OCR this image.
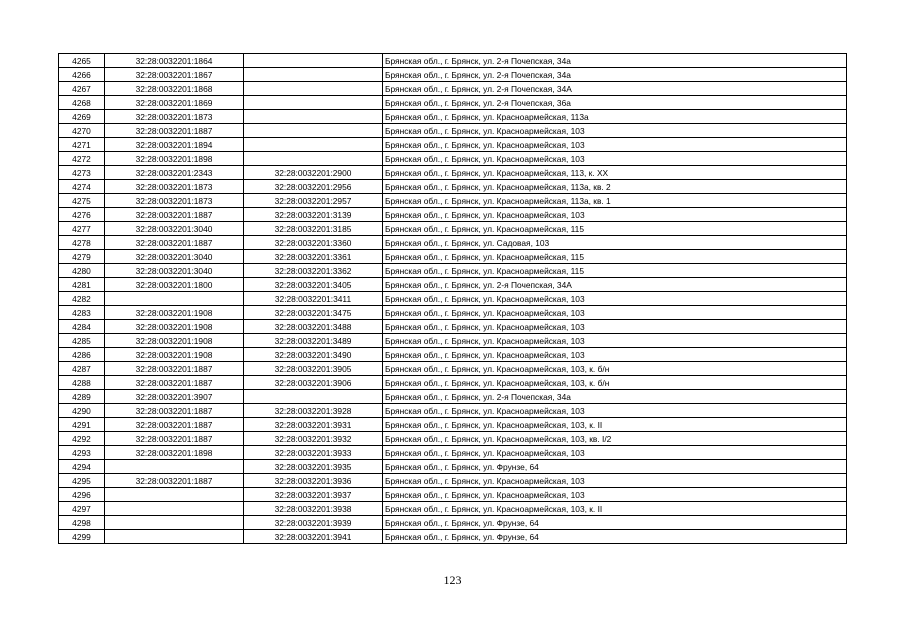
4265	32:28:0032201:1864		Брянская обл., г. Брянск, ул. 2-я Почепская, 34а
4266	32:28:0032201:1867		Брянская обл., г. Брянск, ул. 2-я Почепская, 34а
4267	32:28:0032201:1868		Брянская обл., г. Брянск, ул. 2-я Почепская, 34А
4268	32:28:0032201:1869		Брянская обл., г. Брянск, ул. 2-я Почепская, 36а
4269	32:28:0032201:1873		Брянская обл., г. Брянск, ул. Красноармейская, 113а
4270	32:28:0032201:1887		Брянская обл., г. Брянск, ул. Красноармейская, 103
4271	32:28:0032201:1894		Брянская обл., г. Брянск, ул. Красноармейская, 103
4272	32:28:0032201:1898		Брянская обл., г. Брянск, ул. Красноармейская, 103
4273	32:28:0032201:2343	32:28:0032201:2900	Брянская обл., г. Брянск, ул. Красноармейская, 113, к. XX
4274	32:28:0032201:1873	32:28:0032201:2956	Брянская обл., г. Брянск, ул. Красноармейская, 113а, кв. 2
4275	32:28:0032201:1873	32:28:0032201:2957	Брянская обл., г. Брянск, ул. Красноармейская, 113а, кв. 1
4276	32:28:0032201:1887	32:28:0032201:3139	Брянская обл., г. Брянск, ул. Красноармейская, 103
4277	32:28:0032201:3040	32:28:0032201:3185	Брянская обл., г. Брянск, ул. Красноармейская, 115
4278	32:28:0032201:1887	32:28:0032201:3360	Брянская обл., г. Брянск, ул. Садовая, 103
4279	32:28:0032201:3040	32:28:0032201:3361	Брянская обл., г. Брянск, ул. Красноармейская, 115
4280	32:28:0032201:3040	32:28:0032201:3362	Брянская обл., г. Брянск, ул. Красноармейская, 115
4281	32:28:0032201:1800	32:28:0032201:3405	Брянская обл., г. Брянск, ул. 2-я Почепская, 34А
4282		32:28:0032201:3411	Брянская обл., г. Брянск, ул. Красноармейская, 103
4283	32:28:0032201:1908	32:28:0032201:3475	Брянская обл., г. Брянск, ул. Красноармейская, 103
4284	32:28:0032201:1908	32:28:0032201:3488	Брянская обл., г. Брянск, ул. Красноармейская, 103
4285	32:28:0032201:1908	32:28:0032201:3489	Брянская обл., г. Брянск, ул. Красноармейская, 103
4286	32:28:0032201:1908	32:28:0032201:3490	Брянская обл., г. Брянск, ул. Красноармейская, 103
4287	32:28:0032201:1887	32:28:0032201:3905	Брянская обл., г. Брянск, ул. Красноармейская, 103, к. б/н
4288	32:28:0032201:1887	32:28:0032201:3906	Брянская обл., г. Брянск, ул. Красноармейская, 103, к. б/н
4289	32:28:0032201:3907		Брянская обл., г. Брянск, ул. 2-я Почепская, 34а
4290	32:28:0032201:1887	32:28:0032201:3928	Брянская обл., г. Брянск, ул. Красноармейская, 103
4291	32:28:0032201:1887	32:28:0032201:3931	Брянская обл., г. Брянск, ул. Красноармейская, 103, к. II
4292	32:28:0032201:1887	32:28:0032201:3932	Брянская обл., г. Брянск, ул. Красноармейская, 103, кв. I/2
4293	32:28:0032201:1898	32:28:0032201:3933	Брянская обл., г. Брянск, ул. Красноармейская, 103
4294		32:28:0032201:3935	Брянская обл., г. Брянск, ул. Фрунзе, 64
4295	32:28:0032201:1887	32:28:0032201:3936	Брянская обл., г. Брянск, ул. Красноармейская, 103
4296		32:28:0032201:3937	Брянская обл., г. Брянск, ул. Красноармейская, 103
4297		32:28:0032201:3938	Брянская обл., г. Брянск, ул. Красноармейская, 103, к. II
4298		32:28:0032201:3939	Брянская обл., г. Брянск, ул. Фрунзе, 64
4299		32:28:0032201:3941	Брянская обл., г. Брянск, ул. Фрунзе, 64
123
